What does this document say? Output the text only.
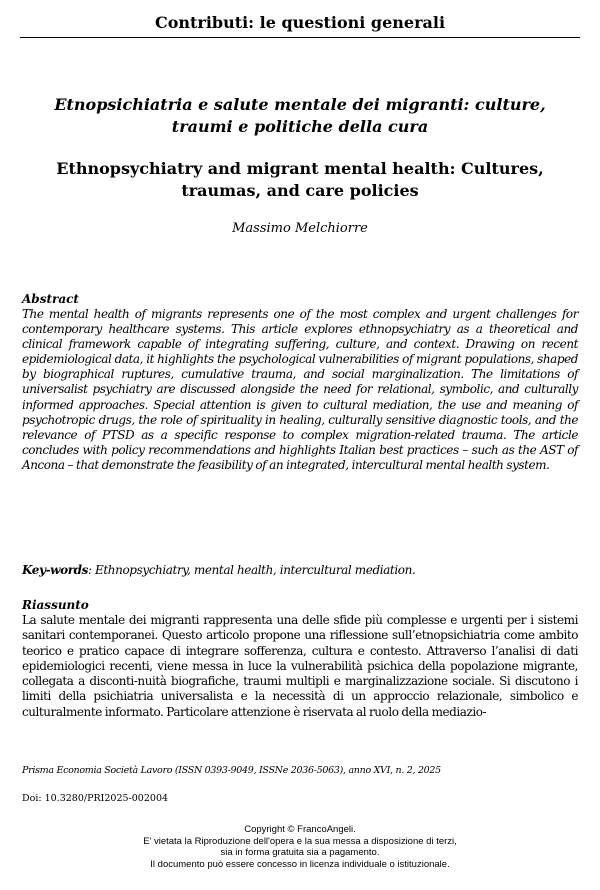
Contributi: le questioni generali
Etnopsichiatria e salute mentale dei migranti: culture, traumi e politiche della cura
Ethnopsychiatry and migrant mental health: Cultures, traumas, and care policies
Massimo Melchiorre
Abstract
The mental health of migrants represents one of the most complex and urgent challenges for contemporary healthcare systems. This article explores ethnopsychiatry as a theoretical and clinical framework capable of integrating suffering, culture, and context. Drawing on recent epidemiological data, it highlights the psychological vulnerabilities of migrant populations, shaped by biographical ruptures, cumulative trauma, and social marginalization. The limitations of universalist psychiatry are discussed alongside the need for relational, symbolic, and culturally informed approaches. Special attention is given to cultural mediation, the use and meaning of psychotropic drugs, the role of spirituality in healing, culturally sensitive diagnostic tools, and the relevance of PTSD as a specific response to complex migration-related trauma. The article concludes with policy recommendations and highlights Italian best practices – such as the AST of Ancona – that demonstrate the feasibility of an integrated, intercultural mental health system.
Key-words: Ethnopsychiatry, mental health, intercultural mediation.
Riassunto
La salute mentale dei migranti rappresenta una delle sfide più complesse e urgenti per i sistemi sanitari contemporanei. Questo articolo propone una riflessione sull’etnopsichiatria come ambito teorico e pratico capace di integrare sofferenza, cultura e contesto. Attraverso l’analisi di dati epidemiologici recenti, viene messa in luce la vulnerabilità psichica della popolazione migrante, collegata a disconti-nuità biografiche, traumi multipli e marginalizzazione sociale. Si discutono i limiti della psichiatria universalista e la necessità di un approccio relazionale, simbolico e culturalmente informato. Particolare attenzione è riservata al ruolo della mediazio-
Prisma Economia Società Lavoro (ISSN 0393-9049, ISSNe 2036-5063), anno XVI, n. 2, 2025
Doi: 10.3280/PRI2025-002004
Copyright © FrancoAngeli.
E' vietata la Riproduzione dell'opera e la sua messa a disposizione di terzi,
sia in forma gratuita sia a pagamento.
Il documento può essere concesso in licenza individuale o istituzionale.
